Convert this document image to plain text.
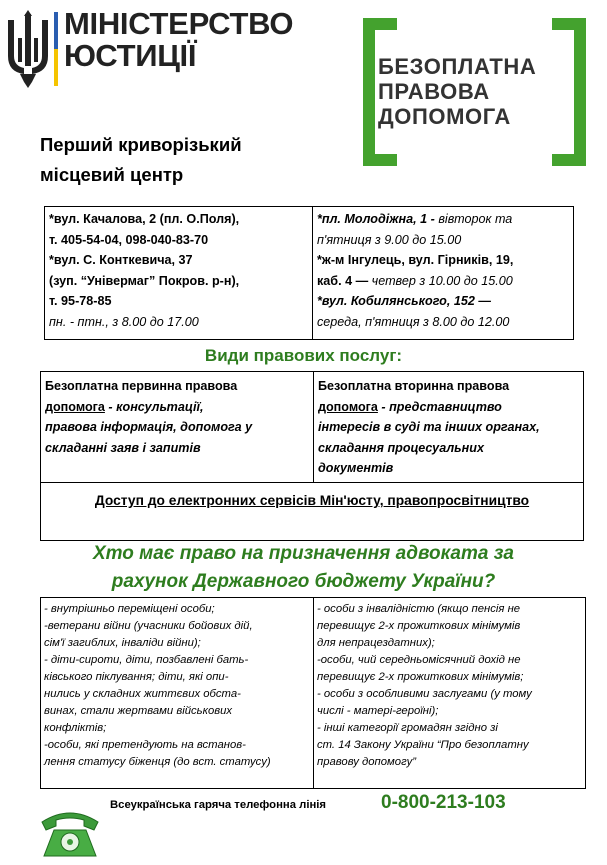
МІНІСТЕРСТВО
ЮСТИЦІЇ	БЕЗОПЛАТНА
ПРАВОВА
ДОПОМОГА
Перший криворізький
місцевий центр
*вул. Качалова, 2 (пл. О.Поля),
т. 405-54-04, 098-040-83-70
*вул. С. Конткевича, 37
(зуп. “Універмаг” Покров. р-н),
т. 95-78-85
пн. - птн., з 8.00 до 17.00
*пл. Молодіжна, 1 - вівторок та
п'ятниця з 9.00 до 15.00
*ж-м Інгулець, вул. Гірників, 19,
каб. 4 — четвер з 10.00 до 15.00
*вул. Кобилянського, 152 —
середа, п'ятниця з 8.00 до 12.00
Види правових послуг:
Безоплатна первинна правова
допомога - консультації,
правова інформація, допомога у
складанні заяв і запитів
Безоплатна вторинна правова
допомога - представництво
інтересів в суді та інших органах,
складання процесуальних
документів
Доступ до електронних сервісів Мін'юсту, правопросвітництво
Хто має право на призначення адвоката за
рахунок Державного бюджету України?
- внутрішньо переміщені особи;
-ветерани війни (учасники бойових дій,
сім'ї загиблих, інваліди війни);
- діти-сироти, діти, позбавлені бать-
ківського піклування; діти, які опи-
нились у складних життєвих обста-
винах, стали жертвами військових
конфліктів;
-особи, які претендують на встанов-
лення статусу біженця (до вст. статусу)
- особи з інвалідністю (якщо пенсія не
перевищує 2-х прожиткових мінімумів
для непрацездатних);
-особи, чий середньомісячний дохід не
перевищує 2-х прожиткових мінімумів;
- особи з особливими заслугами (у тому
числі - матері-героїні);
- інші категорії громадян згідно зі
ст. 14 Закону України “Про безоплатну
правову допомогу”
Всеукраїнська гаряча телефонна лінія	0-800-213-103
